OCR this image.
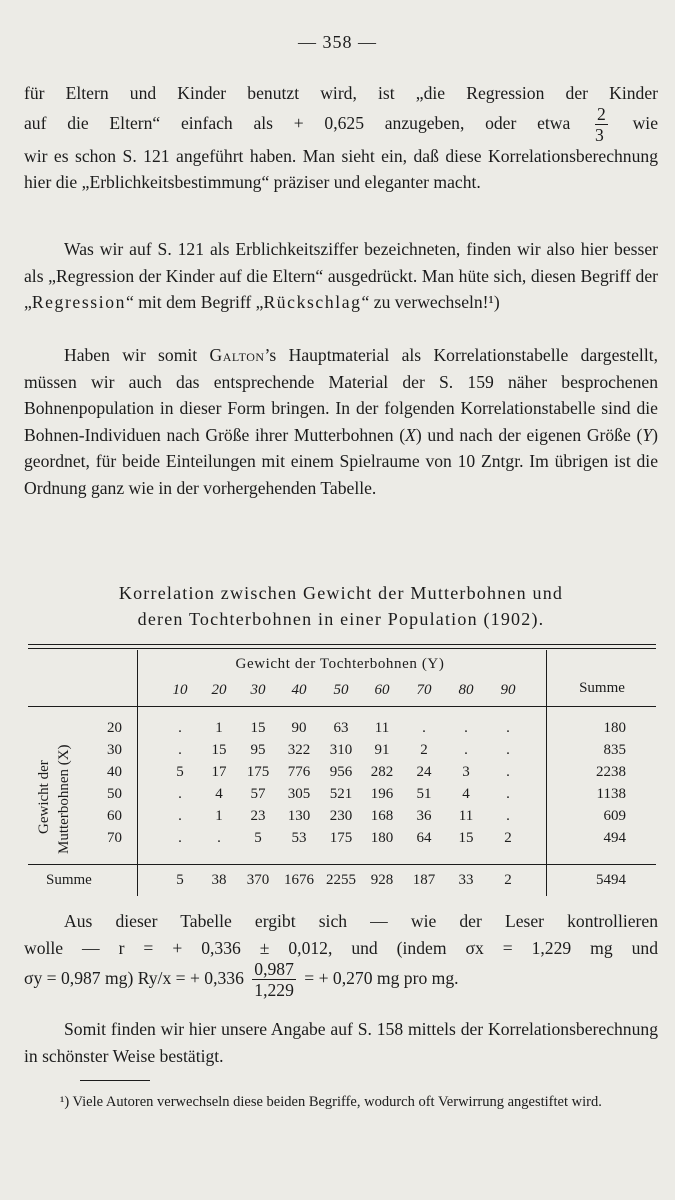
— 358 —

für Eltern und Kinder benutzt wird, ist „die Regression der Kinder

auf die Eltern“ einfach als + 0,625 anzugeben, oder etwa $\frac{2}{3}$ wie

wir es schon S. 121 angeführt haben. Man sieht ein, daß diese Korrelationsberechnung hier die „Erblichkeitsbestimmung“ präziser und eleganter macht.

Was wir auf S. 121 als Erblichkeitsziffer bezeichneten, finden wir also hier besser als „Regression der Kinder auf die Eltern“ ausgedrückt. Man hüte sich, diesen Begriff der „Regression“ mit dem Begriff „Rückschlag“ zu verwechseln!¹)

Haben wir somit Galton’s Hauptmaterial als Korrelationstabelle dargestellt, müssen wir auch das entsprechende Material der S. 159 näher besprochenen Bohnenpopulation in dieser Form bringen. In der folgenden Korrelationstabelle sind die Bohnen-Individuen nach Größe ihrer Mutterbohnen (X) und nach der eigenen Größe (Y) geordnet, für beide Einteilungen mit einem Spielraume von 10 Zntgr. Im übrigen ist die Ordnung ganz wie in der vorhergehenden Tabelle.

Korrelation zwischen Gewicht der Mutterbohnen und
deren Tochterbohnen in einer Population (1902).
Gewicht der Tochterbohnen (Y)
Summe
Gewicht der Mutterbohnen (X)
10	20	30	40	50	60	70	80	90
20	.	1	15	90	63	11	.	.	.	180
30	.	15	95	322	310	91	2	.	.	835
40	5	17	175	776	956	282	24	3	.	2238
50	.	4	57	305	521	196	51	4	.	1138
60	.	1	23	130	230	168	36	11	.	609
70	.	.	5	53	175	180	64	15	2	494
Summe	5	38	370 1676 2255 928	187	33	2	5494

Aus dieser Tabelle ergibt sich — wie der Leser kontrollieren

wolle — r = + 0,336 ± 0,012, und (indem σx = 1,229 mg und

σy = 0,987 mg) Ry/x = + $0,336 \frac{0,987}{1,229}$ = + 0,270 mg pro mg.

Somit finden wir hier unsere Angabe auf S. 158 mittels der Korrelationsberechnung in schönster Weise bestätigt.

¹) Viele Autoren verwechseln diese beiden Begriffe, wodurch oft Verwirrung angestiftet wird.
